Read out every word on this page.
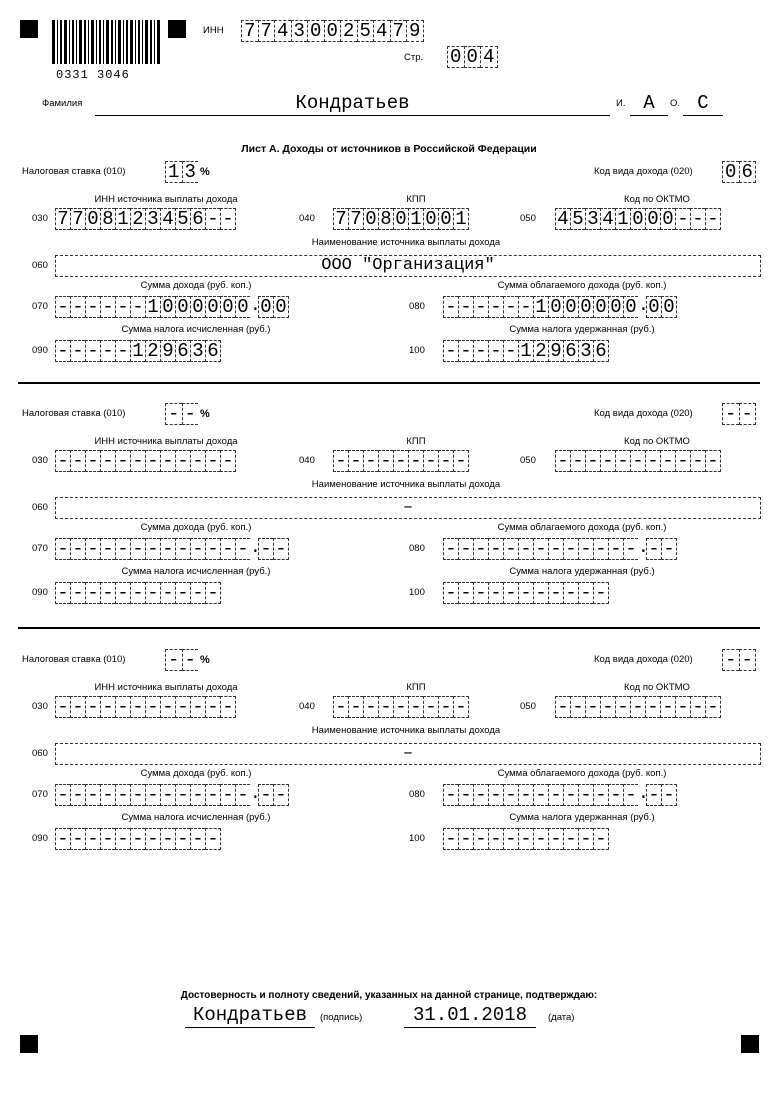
0331 3046
ИНН 7 7 4 3 0 0 2 5 4 7 9
Стр. 0 0 4
Фамилия	Кондратьев	И. А	О. С
Лист А. Доходы от источников в Российской Федерации
Налоговая ставка (010) 1 3 %	Код вида дохода (020) 0 6
ИНН источника выплаты дохода	КПП	Код по ОКТМО
030 7 7 0 8 1 2 3 4 5 6 - -	040 7 7 0 8 0 1 0 0 1	050 4 5 3 4 1 0 0 0 - - -
Наименование источника выплаты дохода
060	ООО "Организация"
Сумма дохода (руб. коп.)	Сумма облагаемого дохода (руб. коп.)
070 - - - - - - 1 0 0 0 0 0 0 . 0 0	080 - - - - - - 1 0 0 0 0 0 0 . 0 0
Сумма налога исчисленная (руб.)	Сумма налога удержанная (руб.)
090 - - - - - 1 2 9 6 3 6	100 - - - - - 1 2 9 6 3 6
Налоговая ставка (010) - - %	Код вида дохода (020) - -
ИНН источника выплаты дохода	КПП	Код по ОКТМО
030 - - - - - - - - - - - -	040 - - - - - - - - -	050 - - - - - - - - - - -
Наименование источника выплаты дохода
060	–
Сумма дохода (руб. коп.)	Сумма облагаемого дохода (руб. коп.)
070 - - - - - - - - - - - - - . - -	080 - - - - - - - - - - - - - . - -
Сумма налога исчисленная (руб.)	Сумма налога удержанная (руб.)
090 - - - - - - - - - - -	100 - - - - - - - - - - -
Налоговая ставка (010) - - %	Код вида дохода (020) - -
ИНН источника выплаты дохода	КПП	Код по ОКТМО
030 - - - - - - - - - - - -	040 - - - - - - - - -	050 - - - - - - - - - - -
Наименование источника выплаты дохода
060	–
Сумма дохода (руб. коп.)	Сумма облагаемого дохода (руб. коп.)
070 - - - - - - - - - - - - - . - -	080 - - - - - - - - - - - - - . - -
Сумма налога исчисленная (руб.)	Сумма налога удержанная (руб.)
090 - - - - - - - - - - -	100 - - - - - - - - - - -
Достоверность и полноту сведений, указанных на данной странице, подтверждаю:
Кондратьев	(подпись)	31.01.2018	(дата)
